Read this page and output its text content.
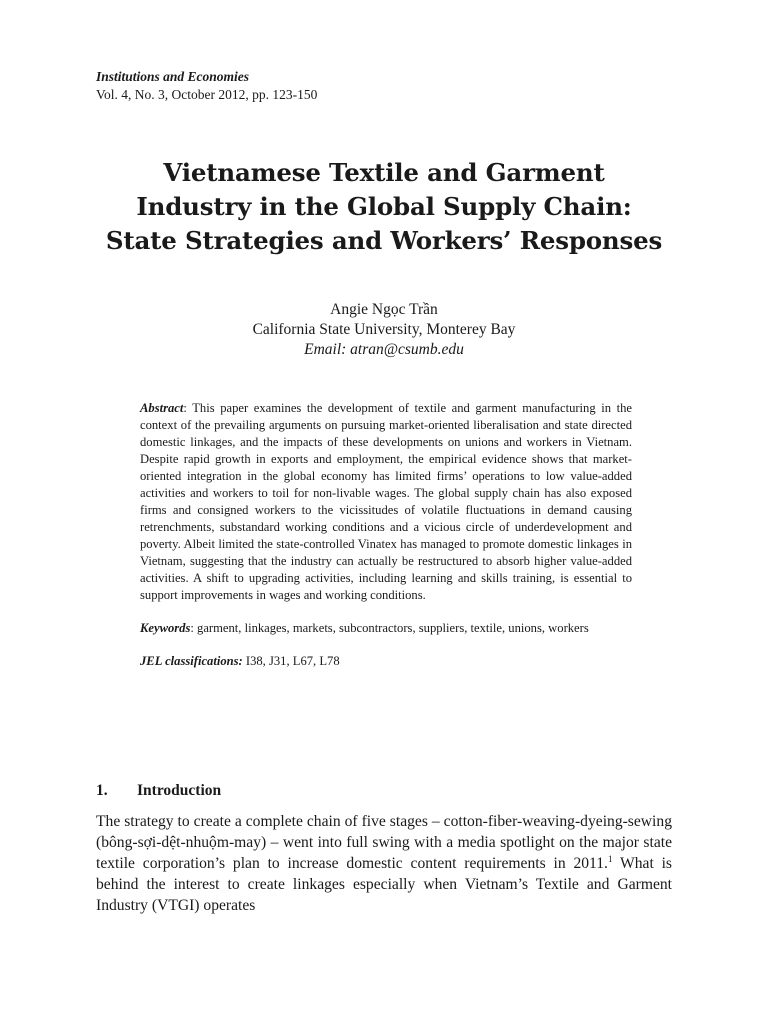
Institutions and Economies
Vol. 4, No. 3, October 2012, pp. 123-150
Vietnamese Textile and Garment
Industry in the Global Supply Chain:
State Strategies and Workers’ Responses
Angie Ngọc Trần
California State University, Monterey Bay
Email: atran@csumb.edu

Abstract: This paper examines the development of textile and garment manufacturing in the context of the prevailing arguments on pursuing market-oriented liberalisation and state directed domestic linkages, and the impacts of these developments on unions and workers in Vietnam. Despite rapid growth in exports and employment, the empirical evidence shows that market-oriented integration in the global economy has limited firms’ operations to low value-added activities and workers to toil for non-livable wages. The global supply chain has also exposed firms and consigned workers to the vicissitudes of volatile fluctuations in demand causing retrenchments, substandard working conditions and a vicious circle of underdevelopment and poverty. Albeit limited the state-controlled Vinatex has managed to promote domestic linkages in Vietnam, suggesting that the industry can actually be restructured to absorb higher value-added activities. A shift to upgrading activities, including learning and skills training, is essential to support improvements in wages and working conditions.

Keywords: garment, linkages, markets, subcontractors, suppliers, textile, unions, workers

JEL classifications: I38, J31, L67, L78

1. Introduction

The strategy to create a complete chain of five stages – cotton-fiber-weaving-dyeing-sewing (bông-sợi-dệt-nhuộm-may) – went into full swing with a media spotlight on the major state textile corporation’s plan to increase domestic content requirements in 2011.$^1$ What is behind the interest to create linkages especially when Vietnam’s Textile and Garment Industry (VTGI) operates
